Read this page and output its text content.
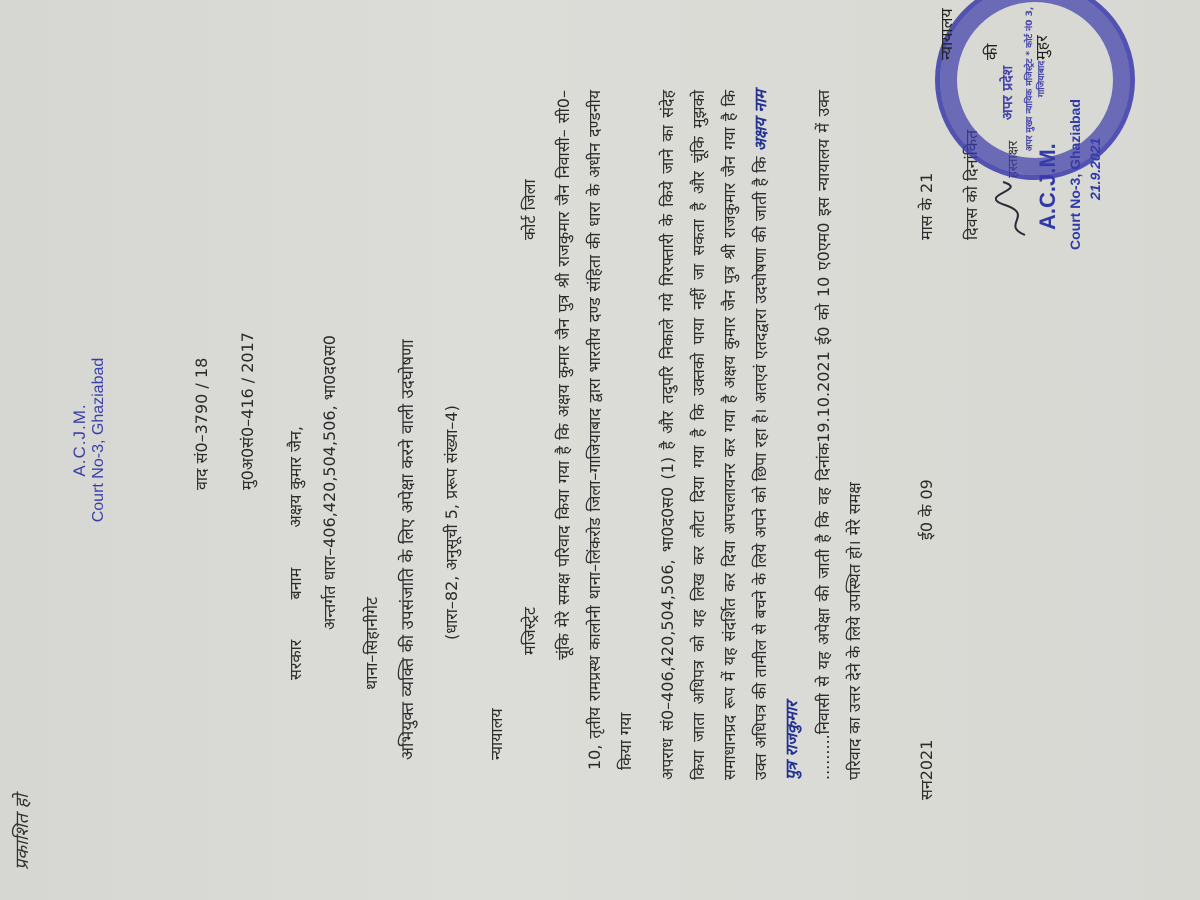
प्रकाशित हो
A.C.J.M. Court No-3, Ghaziabad	वाद सं0–3790 / 18 मु0अ0सं0–416 / 2017
सरकार  बनाम  अक्षय कुमार जैन, अन्तर्गत धारा–406,420,504,506, भा0द0स0
थाना–सिहानीगेट अभियुक्त व्यक्ति की उपसंजाति के लिए अपेक्षा करने वाली उदघोषणा (धारा–82, अनुसूची 5, प्ररूप संख्या–4)
न्यायालय
कोर्ट जिला
मजिस्ट्रेट चूंकि मेरे समक्ष परिवाद किया गया है कि अक्षय कुमार जैन पुत्र श्री राजकुमार जैन निवासी– सी0–10, तृतीय रामप्रस्थ कालोनी थाना–लिंकरोड जिला–गाजियाबाद द्वारा भारतीय दण्ड संहिता की धारा के अधीन दण्डनीय किया गया	अपराध सं0–406,420,504,506, भा0द0स0 (1) है और तदुपरि निकाले गये गिरफ्तारी के किये जाने का संदेह किया जाता अधिपत्र को यह लिख कर लौटा दिया गया है कि उक्तको पाया नहीं जा सकता है और चूंकि मुझको समाधानप्रद रूप में यह संदर्शित कर दिया अपचलायनर कर गया है अक्षय कुमार जैन पुत्र श्री राजकुमार जैन गया है कि उक्त अधिपत्र की तामील से बचने के लिये अपने को छिपा रहा है। अतएवं एतदद्वारा उदघोषणा की जाती है कि अक्षय नाम पुत्र राजकुमार .........निवासी से यह अपेक्षा की जाती है कि वह दिनांक19.10.2021 ई0 को 10 ए0एम0 इस न्यायालय में उक्त परिवाद का उत्तर देने के लिये उपस्थित हो। मेरे समक्ष	सन2021
ई0 के 09
मास के 21 दिवस को दिनांकित हस्ताक्षर A.C.J.M. Court No-3, Ghaziabad 21.9.2021
अपर मुख्य न्यायिक मजिस्ट्रेट * कोर्ट नं0 3, गाजियाबाद
अपर प्रदेश
न्यायालय की मुहर
